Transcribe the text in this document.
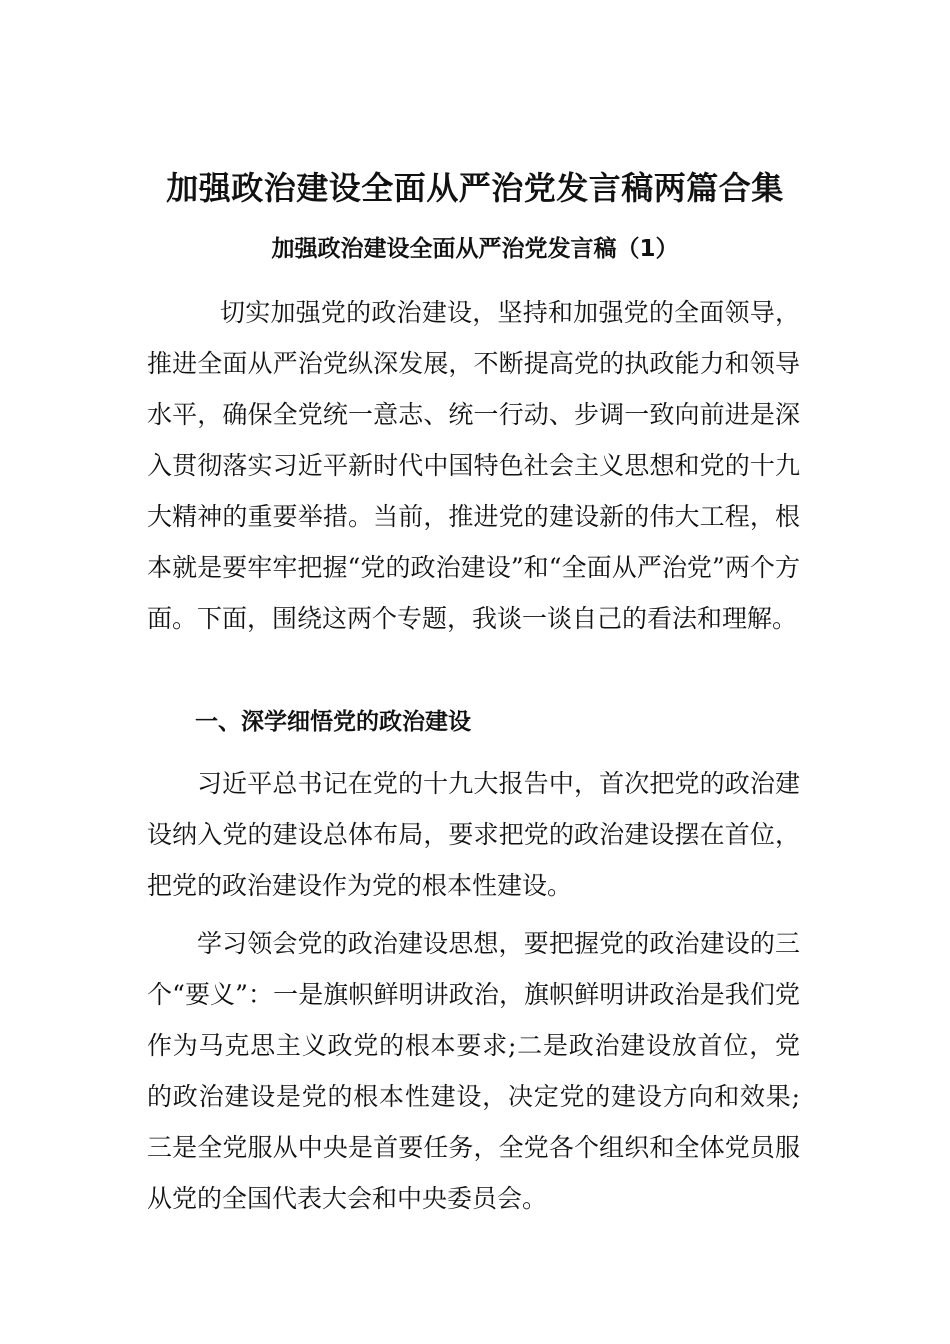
加强政治建设全面从严治党发言稿两篇合集
加强政治建设全面从严治党发言稿（1）

切实加强党的政治建设，坚持和加强党的全面领导，推进全面从严治党纵深发展，不断提高党的执政能力和领导水平，确保全党统一意志、统一行动、步调一致向前进是深入贯彻落实习近平新时代中国特色社会主义思想和党的十九大精神的重要举措。当前，推进党的建设新的伟大工程，根本就是要牢牢把握“党的政治建设”和“全面从严治党”两个方面。下面，围绕这两个专题，我谈一谈自己的看法和理解。

一、深学细悟党的政治建设

习近平总书记在党的十九大报告中，首次把党的政治建设纳入党的建设总体布局，要求把党的政治建设摆在首位，把党的政治建设作为党的根本性建设。

学习领会党的政治建设思想，要把握党的政治建设的三个“要义”：一是旗帜鲜明讲政治，旗帜鲜明讲政治是我们党作为马克思主义政党的根本要求;二是政治建设放首位，党的政治建设是党的根本性建设，决定党的建设方向和效果;三是全党服从中央是首要任务，全党各个组织和全体党员服从党的全国代表大会和中央委员会。
